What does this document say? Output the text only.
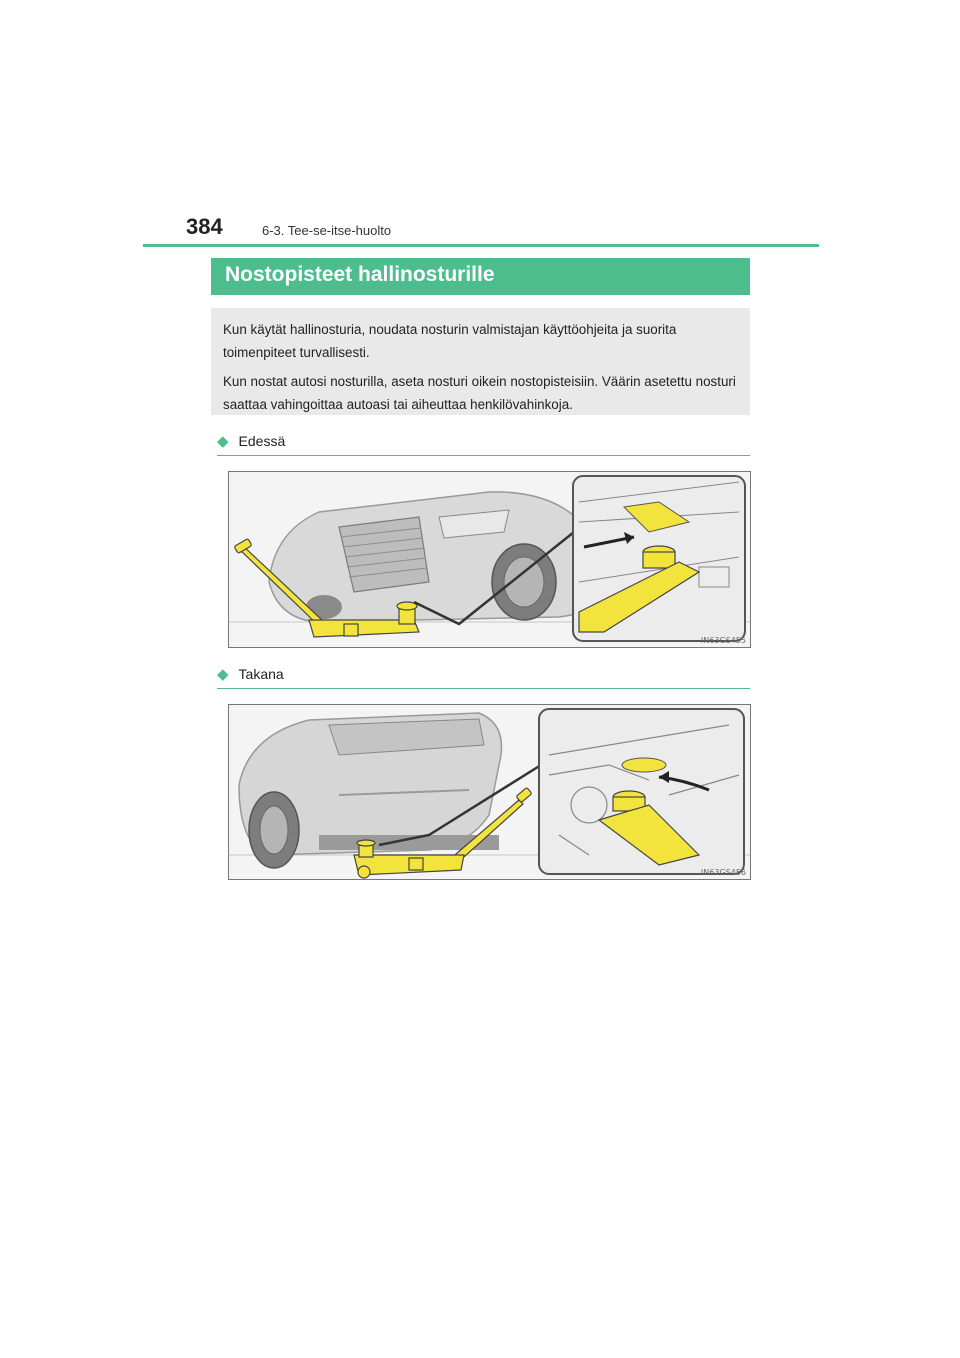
384	6-3. Tee-se-itse-huolto
Nostopisteet hallinosturille

Kun käytät hallinosturia, noudata nosturin valmistajan käyttöohjeita ja suorita toimenpiteet turvallisesti.

Kun nostat autosi nosturilla, aseta nosturi oikein nostopisteisiin. Väärin asetettu nosturi saattaa vahingoittaa autoasi tai aiheuttaa henkilövahinkoja.

◆ Edessä
IN63GS455
◆ Takana
IN63GS456
